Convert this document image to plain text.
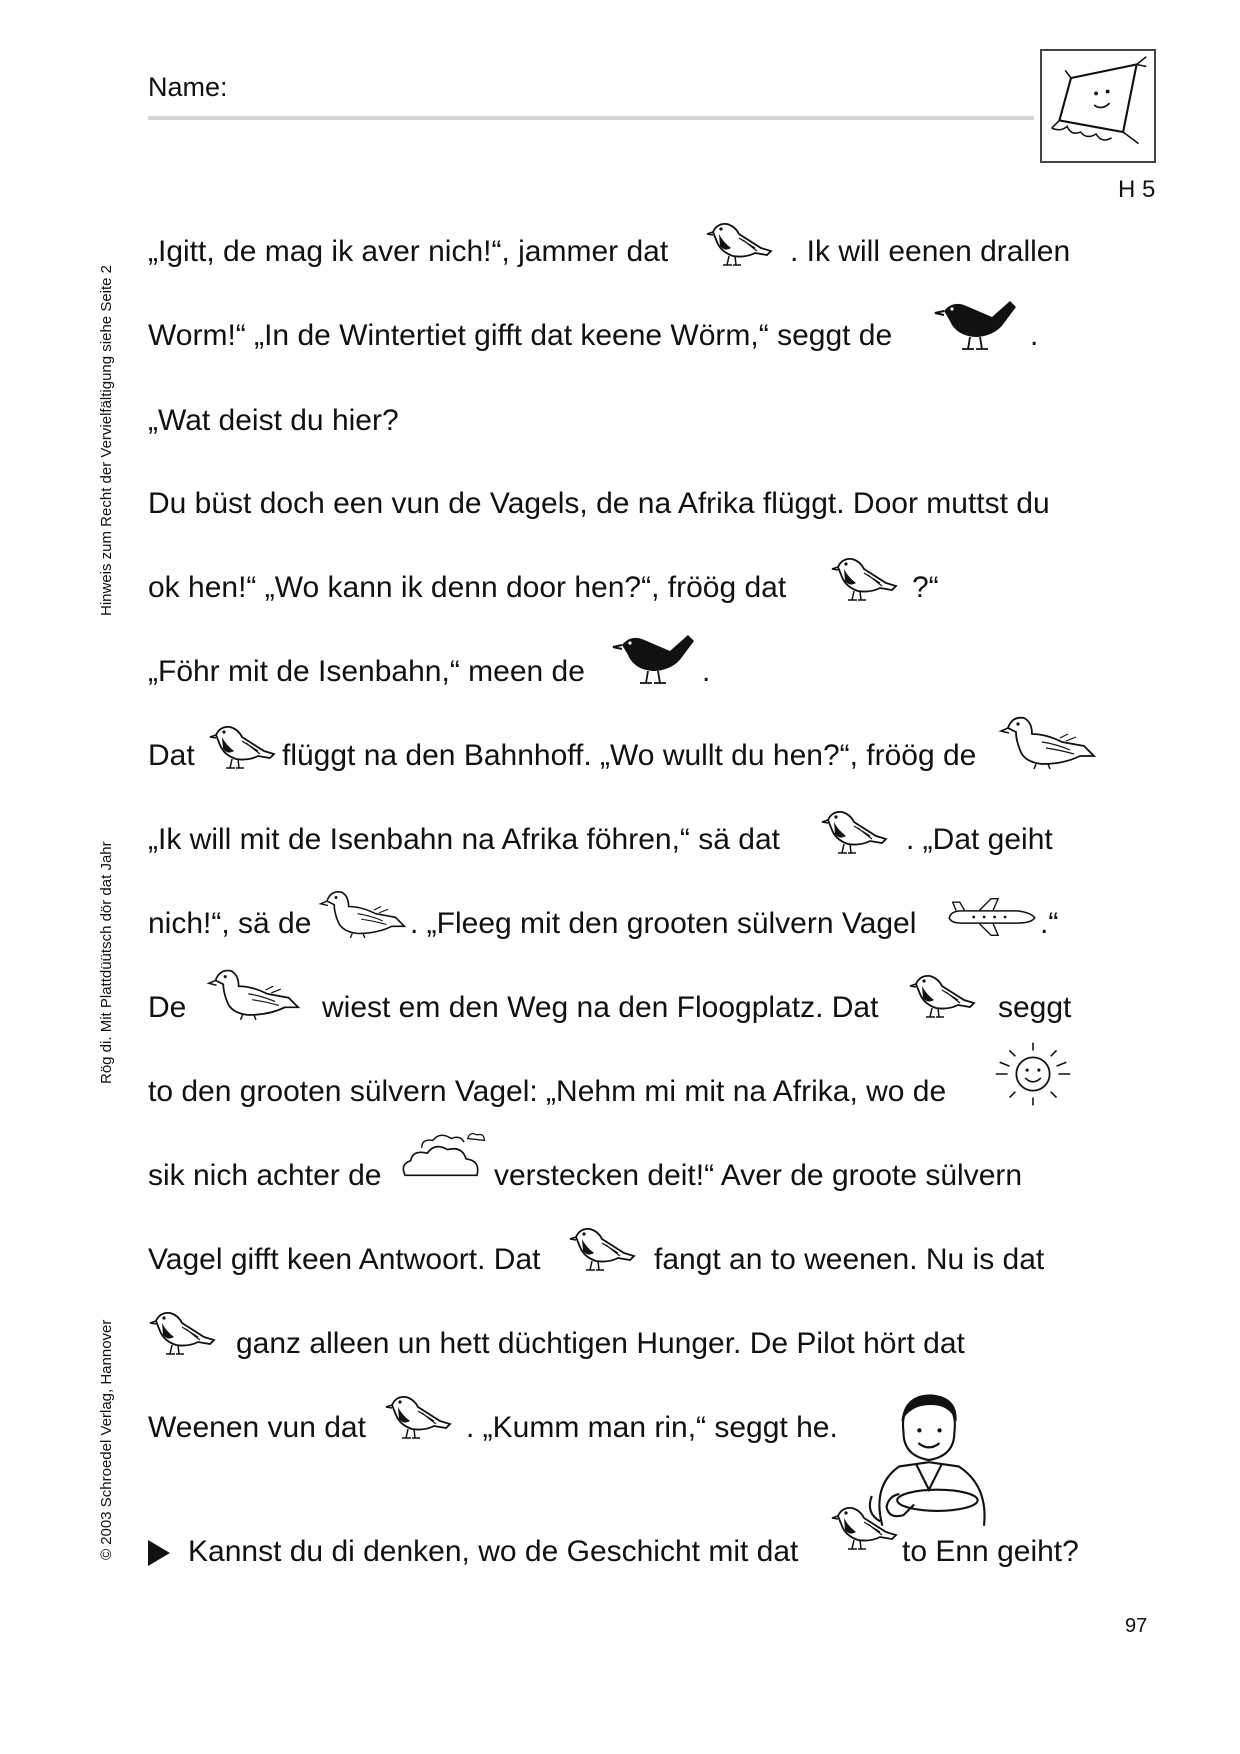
Name:
H 5
Hinweis zum Recht der Vervielfältigung siehe Seite 2
Rög di. Mit Plattdüütsch dör dat Jahr
© 2003 Schroedel Verlag, Hannover
„Igitt, de mag ik aver nich!“, jammer dat	. Ik will eenen drallen
Worm!“ „In de Wintertiet gifft dat keene Wörm,“ seggt de	.
„Wat deist du hier?
Du büst doch een vun de Vagels, de na Afrika flüggt. Door muttst du
ok hen!“ „Wo kann ik denn door hen?“, fröög dat	?“
„Föhr mit de Isenbahn,“ meen de	.
Dat	flüggt na den Bahnhoff. „Wo wullt du hen?“, fröög de
„Ik will mit de Isenbahn na Afrika föhren,“ sä dat	. „Dat geiht
nich!“, sä de	. „Fleeg mit den grooten sülvern Vagel	.“
De	wiest em den Weg na den Floogplatz. Dat	seggt
to den grooten sülvern Vagel: „Nehm mi mit na Afrika, wo de
sik nich achter de	verstecken deit!“ Aver de groote sülvern
Vagel gifft keen Antwoort. Dat	fangt an to weenen. Nu is dat
ganz alleen un hett düchtigen Hunger. De Pilot hört dat
Weenen vun dat	. „Kumm man rin,“ seggt he.
Kannst du di denken, wo de Geschicht mit dat	to Enn geiht?
97
